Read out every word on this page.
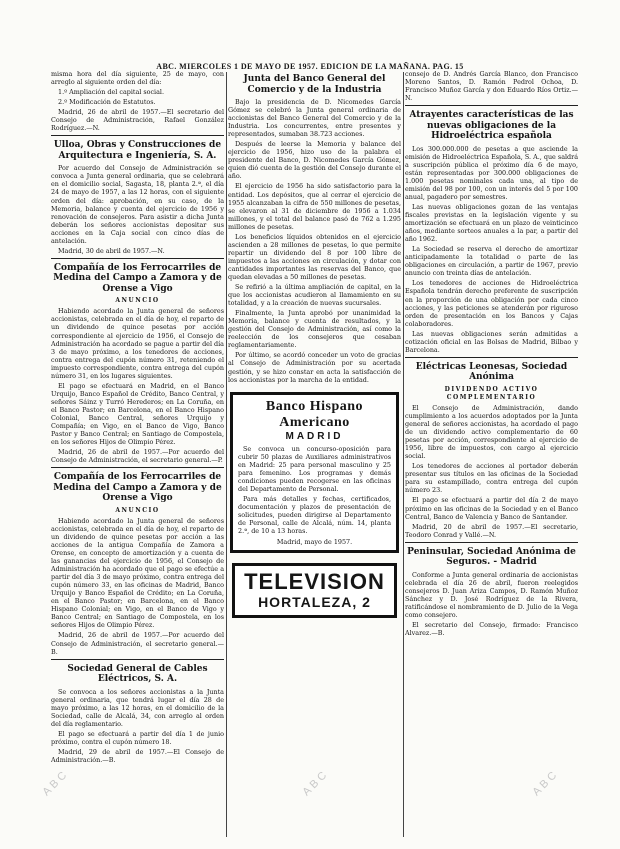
ABC. MIERCOLES 1 DE MAYO DE 1957. EDICION DE LA MAÑANA. PAG. 15

misma hora del día siguiente, 25 de mayo, con arreglo al siguiente orden del día:

1.º Ampliación del capital social.

2.º Modificación de Estatutos.

Madrid, 26 de abril de 1957.—El secretario del Consejo de Administración, Rafael González Rodríguez.—N.

Ulloa, Obras y Construcciones de Arquitectura e Ingeniería, S. A.

Por acuerdo del Consejo de Administración se convoca a Junta general ordinaria, que se celebrará en el domicilio social, Sagasta, 18, planta 2.ª, el día 24 de mayo de 1957, a las 12 horas, con el siguiente orden del día: aprobación, en su caso, de la Memoria, balance y cuenta del ejercicio de 1956 y renovación de consejeros. Para asistir a dicha Junta deberán los señores accionistas depositar sus acciones en la Caja social con cinco días de antelación.

Madrid, 30 de abril de 1957.—N.

Compañía de los Ferrocarriles de Medina del Campo a Zamora y de Orense a Vigo
ANUNCIO

Habiendo acordado la Junta general de señores accionistas, celebrada en el día de hoy, el reparto de un dividendo de quince pesetas por acción correspondiente al ejercicio de 1956, el Consejo de Administración ha acordado se pague a partir del día 3 de mayo próximo, a los tenedores de acciones, contra entrega del cupón número 31, reteniendo el impuesto correspondiente, contra entrega del cupón número 31, en los lugares siguientes.

El pago se efectuará en Madrid, en el Banco Urquijo, Banco Español de Crédito, Banco Central, y señores Sáinz y Turró Herederos; en La Coruña, en el Banco Pastor; en Barcelona, en el Banco Hispano Colonial, Banco Central, señores Urquijo y Compañía; en Vigo, en el Banco de Vigo, Banco Pastor y Banco Central; en Santiago de Compostela, en los señores Hijos de Olimpio Pérez.

Madrid, 26 de abril de 1957.—Por acuerdo del Consejo de Administración, el secretario general.—P.

Compañía de los Ferrocarriles de Medina del Campo a Zamora y de Orense a Vigo
ANUNCIO

Habiendo acordado la Junta general de señores accionistas, celebrada en el día de hoy, el reparto de un dividendo de quince pesetas por acción a las acciones de la antigua Compañía de Zamora a Orense, en concepto de amortización y a cuenta de las ganancias del ejercicio de 1956, el Consejo de Administración ha acordado que el pago se efectúe a partir del día 3 de mayo próximo, contra entrega del cupón número 33, en las oficinas de Madrid, Banco Urquijo y Banco Español de Crédito; en La Coruña, en el Banco Pastor; en Barcelona, en el Banco Hispano Colonial; en Vigo, en el Banco de Vigo y Banco Central; en Santiago de Compostela, en los señores Hijos de Olimpio Pérez.

Madrid, 26 de abril de 1957.—Por acuerdo del Consejo de Administración, el secretario general.—B.

Sociedad General de Cables Eléctricos, S. A.

Se convoca a los señores accionistas a la Junta general ordinaria, que tendrá lugar el día 28 de mayo próximo, a las 12 horas, en el domicilio de la Sociedad, calle de Alcalá, 34, con arreglo al orden del día reglamentario.

El pago se efectuará a partir del día 1 de junio próximo, contra el cupón número 18.

Madrid, 29 de abril de 1957.—El Consejo de Administración.—B.

Junta del Banco General del Comercio y de la Industria

Bajo la presidencia de D. Nicomedes García Gómez se celebró la Junta general ordinaria de accionistas del Banco General del Comercio y de la Industria. Los concurrentes, entre presentes y representados, sumaban 38.723 acciones.

Después de leerse la Memoria y balance del ejercicio de 1956, hizo uso de la palabra el presidente del Banco, D. Nicomedes García Gómez, quien dió cuenta de la gestión del Consejo durante el año.

El ejercicio de 1956 ha sido satisfactorio para la entidad. Los depósitos, que al cerrar el ejercicio de 1955 alcanzaban la cifra de 550 millones de pesetas, se elevaron al 31 de diciembre de 1956 a 1.034 millones, y el total del balance pasó de 762 a 1.295 millones de pesetas.

Los beneficios líquidos obtenidos en el ejercicio ascienden a 28 millones de pesetas, lo que permite repartir un dividendo del 8 por 100 libre de impuestos a las acciones en circulación, y dotar con cantidades importantes las reservas del Banco, que quedan elevadas a 50 millones de pesetas.

Se refirió a la última ampliación de capital, en la que los accionistas acudieron al llamamiento en su totalidad, y a la creación de nuevas sucursales.

Finalmente, la Junta aprobó por unanimidad la Memoria, balance y cuenta de resultados, y la gestión del Consejo de Administración, así como la reelección de los consejeros que cesaban reglamentariamente.

Por último, se acordó conceder un voto de gracias al Consejo de Administración por su acertada gestión, y se hizo constar en acta la satisfacción de los accionistas por la marcha de la entidad.

Banco Hispano Americano
MADRID

Se convoca un concurso-oposición para cubrir 50 plazas de Auxiliares administrativos en Madrid: 25 para personal masculino y 25 para femenino. Los programas y demás condiciones pueden recogerse en las oficinas del Departamento de Personal.

Para más detalles y fechas, certificados, documentación y plazos de presentación de solicitudes, pueden dirigirse al Departamento de Personal, calle de Alcalá, núm. 14, planta 2.ª, de 10 a 13 horas.

Madrid, mayo de 1957.
TELEVISION
HORTALEZA, 2

consejo de D. Andrés García Blanco, don Francisco Moreno Santos, D. Ramón Pedrol Ochoa, D. Francisco Muñoz García y don Eduardo Ríos Ortiz.—N.

Atrayentes características de las nuevas obligaciones de la Hidroeléctrica española

Los 300.000.000 de pesetas a que asciende la emisión de Hidroeléctrica Española, S. A., que saldrá a suscripción pública el próximo día 6 de mayo, están representadas por 300.000 obligaciones de 1.000 pesetas nominales cada una, al tipo de emisión del 98 por 100, con un interés del 5 por 100 anual, pagadero por semestres.

Las nuevas obligaciones gozan de las ventajas fiscales previstas en la legislación vigente y su amortización se efectuará en un plazo de veinticinco años, mediante sorteos anuales a la par, a partir del año 1962.

La Sociedad se reserva el derecho de amortizar anticipadamente la totalidad o parte de las obligaciones en circulación, a partir de 1967, previo anuncio con treinta días de antelación.

Los tenedores de acciones de Hidroeléctrica Española tendrán derecho preferente de suscripción en la proporción de una obligación por cada cinco acciones, y las peticiones se atenderán por riguroso orden de presentación en los Bancos y Cajas colaboradores.

Las nuevas obligaciones serán admitidas a cotización oficial en las Bolsas de Madrid, Bilbao y Barcelona.

Eléctricas Leonesas, Sociedad Anónima
DIVIDENDO ACTIVO COMPLEMENTARIO

El Consejo de Administración, dando cumplimiento a los acuerdos adoptados por la Junta general de señores accionistas, ha acordado el pago de un dividendo activo complementario de 60 pesetas por acción, correspondiente al ejercicio de 1956, libre de impuestos, con cargo al ejercicio social.

Los tenedores de acciones al portador deberán presentar sus títulos en las oficinas de la Sociedad para su estampillado, contra entrega del cupón número 23.

El pago se efectuará a partir del día 2 de mayo próximo en las oficinas de la Sociedad y en el Banco Central, Banco de Valencia y Banco de Santander.

Madrid, 20 de abril de 1957.—El secretario, Teodoro Conrad y Vallé.—N.

Peninsular, Sociedad Anónima de Seguros. - Madrid

Conforme a Junta general ordinaria de accionistas celebrada el día 26 de abril, fueron reelegidos consejeros D. Juan Ariza Campos, D. Ramón Muñoz Sánchez y D. José Rodríguez de la Rivera, ratificándose el nombramiento de D. Julio de la Vega como consejero.

El secretario del Consejo, firmado: Francisco Alvarez.—B.

ABC	ABC	ABC
